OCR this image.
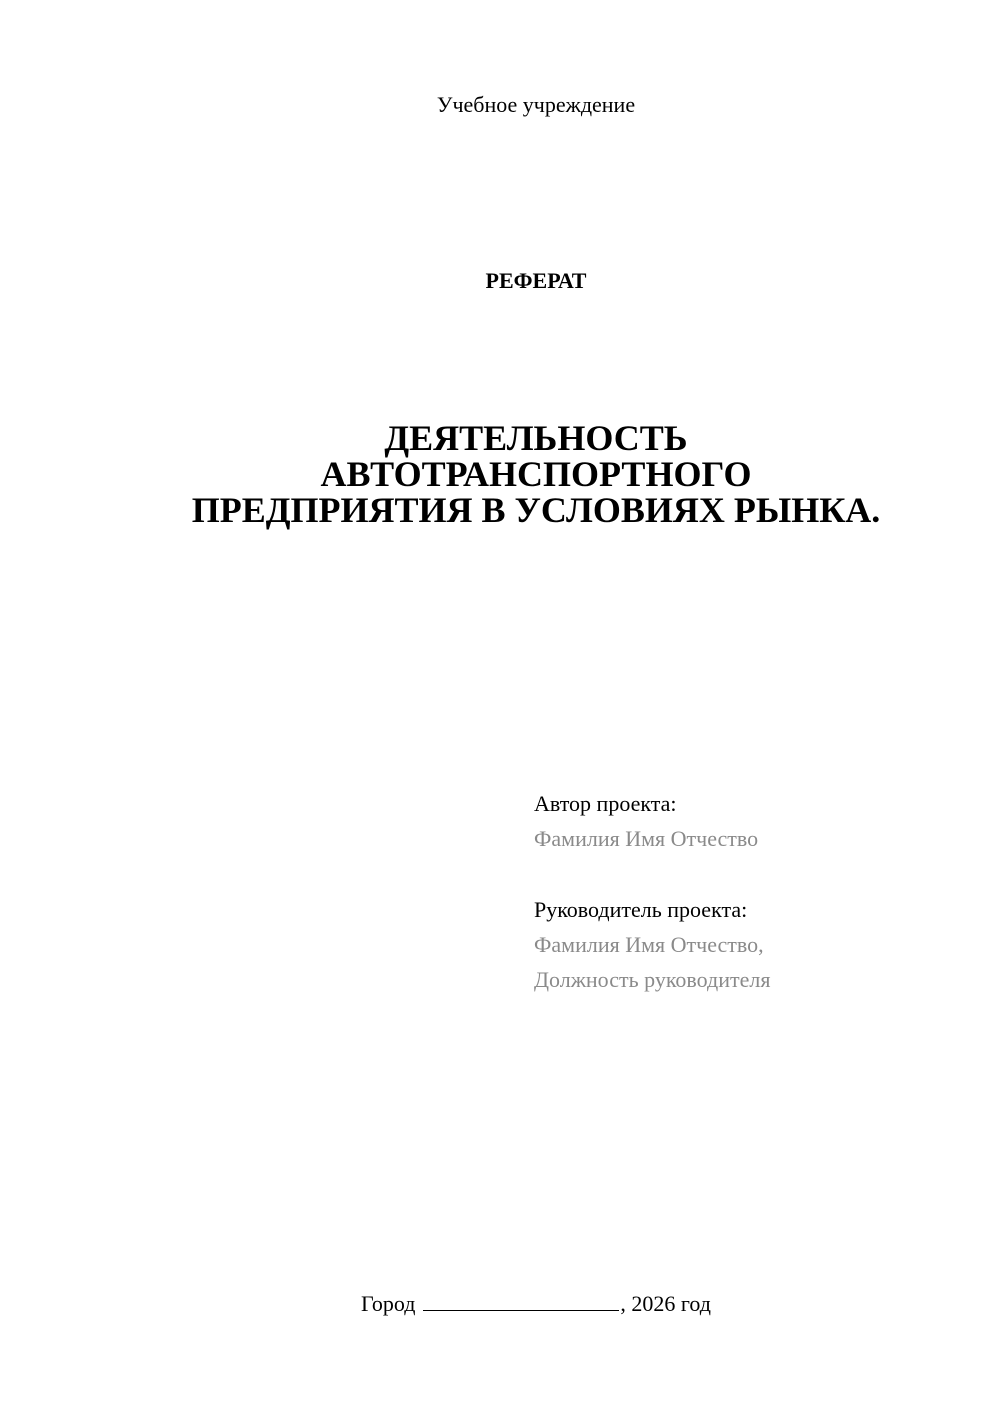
Учебное учреждение
РЕФЕРАТ
ДЕЯТЕЛЬНОСТЬ
АВТОТРАНСПОРТНОГО
ПРЕДПРИЯТИЯ В УСЛОВИЯХ РЫНКА.
Автор проекта:
Фамилия Имя Отчество
Руководитель проекта:
Фамилия Имя Отчество,
Должность руководителя
Город	, 2026 год
